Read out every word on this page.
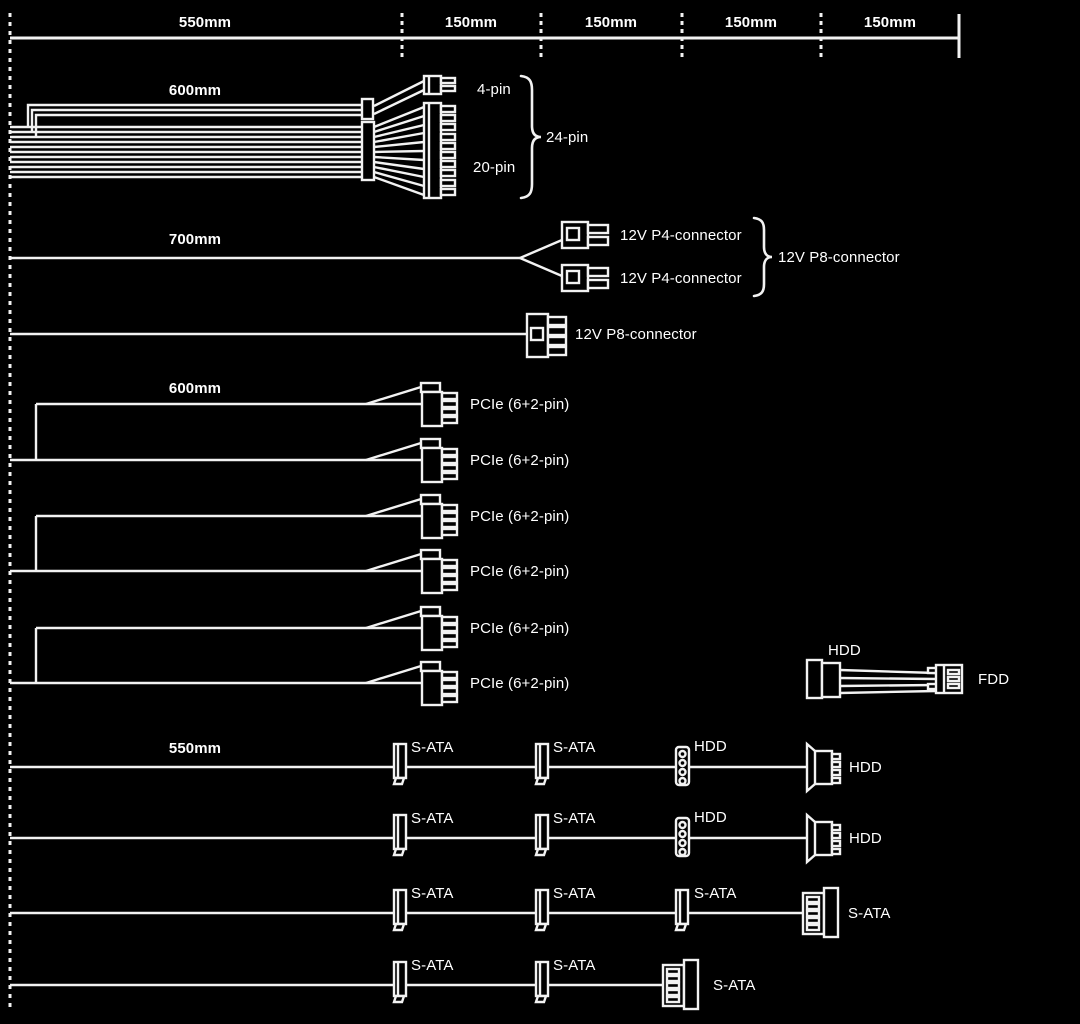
550mm	150mm	150mm	150mm	150mm
600mm	4-pin
20-pin
24-pin
700mm	12V P4-connector
12V P4-connector
12V P8-connector
12V P8-connector
600mm
PCIe (6+2-pin)
PCIe (6+2-pin)
PCIe (6+2-pin)
PCIe (6+2-pin)
PCIe (6+2-pin)
PCIe (6+2-pin)
HDD
FDD
550mm	S-ATA	S-ATA	HDD
HDD
S-ATA	S-ATA	HDD
HDD
S-ATA	S-ATA	S-ATA
S-ATA
S-ATA	S-ATA
S-ATA
